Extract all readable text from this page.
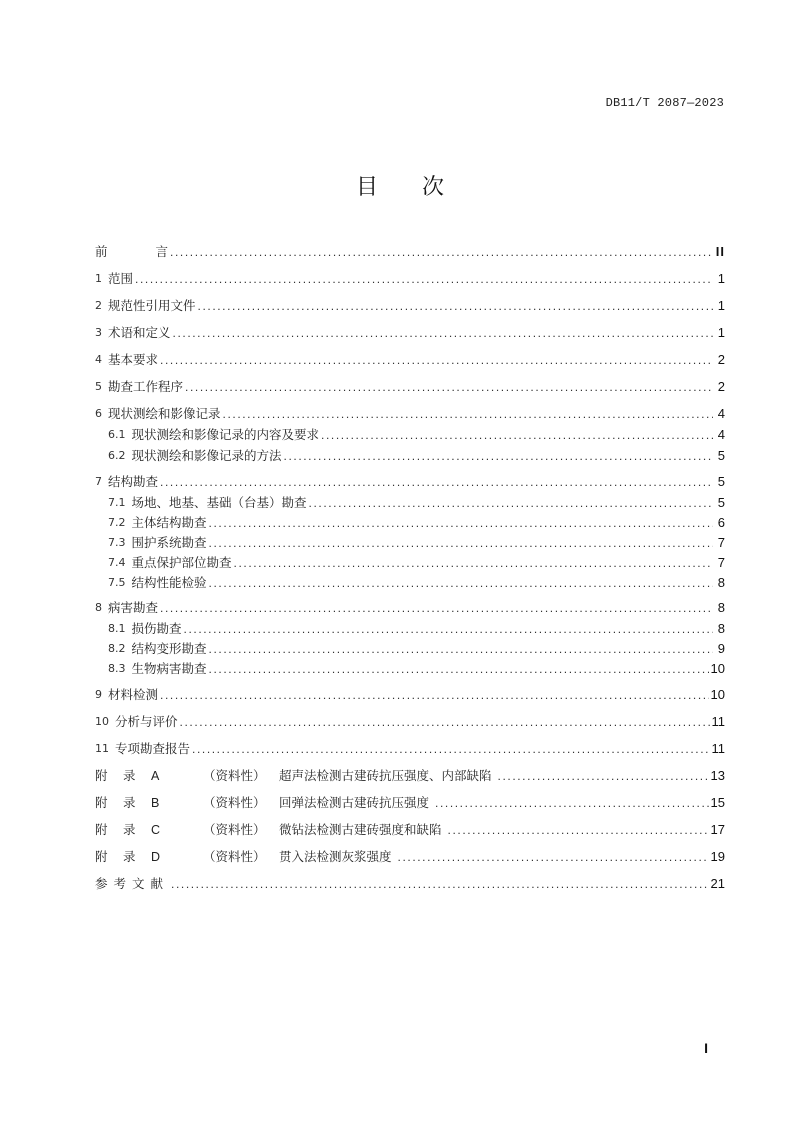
DB11/T 2087—2023
目 次
前	言 .....	II
1 范围 .....	1
2 规范性引用文件 .....	1
3 术语和定义 .....	1
4 基本要求 .....	2
5 勘查工作程序 .....	2
6 现状测绘和影像记录 .....	4
6.1 现状测绘和影像记录的内容及要求 .....	4
6.2 现状测绘和影像记录的方法 .....	5
7 结构勘查 .....	5
7.1 场地、地基、基础（台基）勘查 .....	5
7.2 主体结构勘查 .....	6
7.3 围护系统勘查 .....	7
7.4 重点保护部位勘查 .....	7
7.5 结构性能检验 .....	8
8 病害勘查 .....	8
8.1 损伤勘查 .....	8
8.2 结构变形勘查 .....	9
8.3 生物病害勘查 .....	10
9 材料检测 .....	10
10 分析与评价 .....	11
11 专项勘查报告 .....	11
附 录 A	（资料性） 超声法检测古建砖抗压强度、内部缺陷 .....	13
附 录 B	（资料性） 回弹法检测古建砖抗压强度 .....	15
附 录 C	（资料性） 微钻法检测古建砖强度和缺陷 .....	17
附 录 D	（资料性） 贯入法检测灰浆强度 .....	19
参考文献 .....	21
I
